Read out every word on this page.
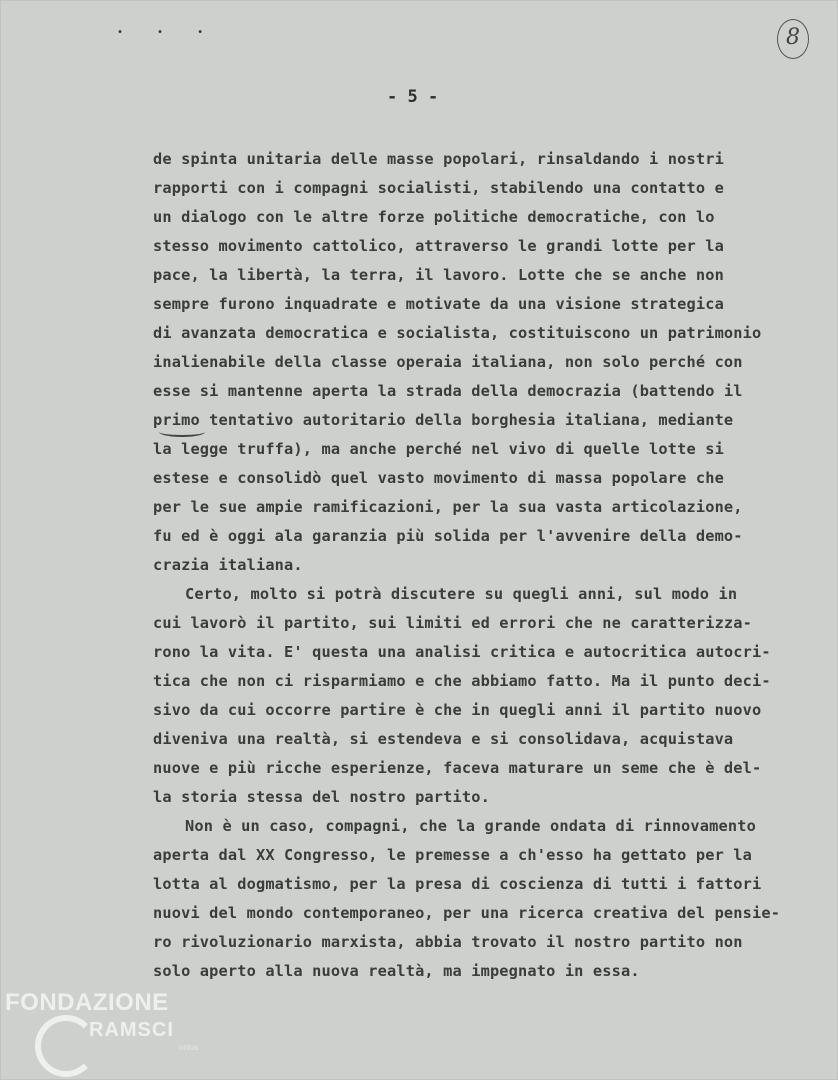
• • •	8
- 5 -
de spinta unitaria delle masse popolari, rinsaldando i nostri
rapporti con i compagni socialisti, stabilendo una contatto e
un dialogo con le altre forze politiche democratiche, con lo
stesso movimento cattolico, attraverso le grandi lotte per la
pace, la libertà, la terra, il lavoro. Lotte che se anche non
sempre furono inquadrate e motivate da una visione strategica
di avanzata democratica e socialista, costituiscono un patrimonio
inalienabile della classe operaia italiana, non solo perché con
esse si mantenne aperta la strada della democrazia (battendo il
primo tentativo autoritario della borghesia italiana, mediante
la legge truffa), ma anche perché nel vivo di quelle lotte si
estese e consolidò quel vasto movimento di massa popolare che
per le sue ampie ramificazioni, per la sua vasta articolazione,
fu ed è oggi ala garanzia più solida per l'avvenire della demo-
crazia italiana.
Certo, molto si potrà discutere su quegli anni, sul modo in
cui lavorò il partito, sui limiti ed errori che ne caratterizza-
rono la vita. E' questa una analisi critica e autocritica autocri-
tica che non ci risparmiamo e che abbiamo fatto. Ma il punto deci-
sivo da cui occorre partire è che in quegli anni il partito nuovo
diveniva una realtà, si estendeva e si consolidava, acquistava
nuove e più ricche esperienze, faceva maturare un seme che è del-
la storia stessa del nostro partito.
Non è un caso, compagni, che la grande ondata di rinnovamento
aperta dal XX Congresso, le premesse a ch'esso ha gettato per la
lotta al dogmatismo, per la presa di coscienza di tutti i fattori
nuovi del mondo contemporaneo, per una ricerca creativa del pensie-
ro rivoluzionario marxista, abbia trovato il nostro partito non
solo aperto alla nuova realtà, ma impegnato in essa.
FONDAZIONE
RAMSCI
onlus
